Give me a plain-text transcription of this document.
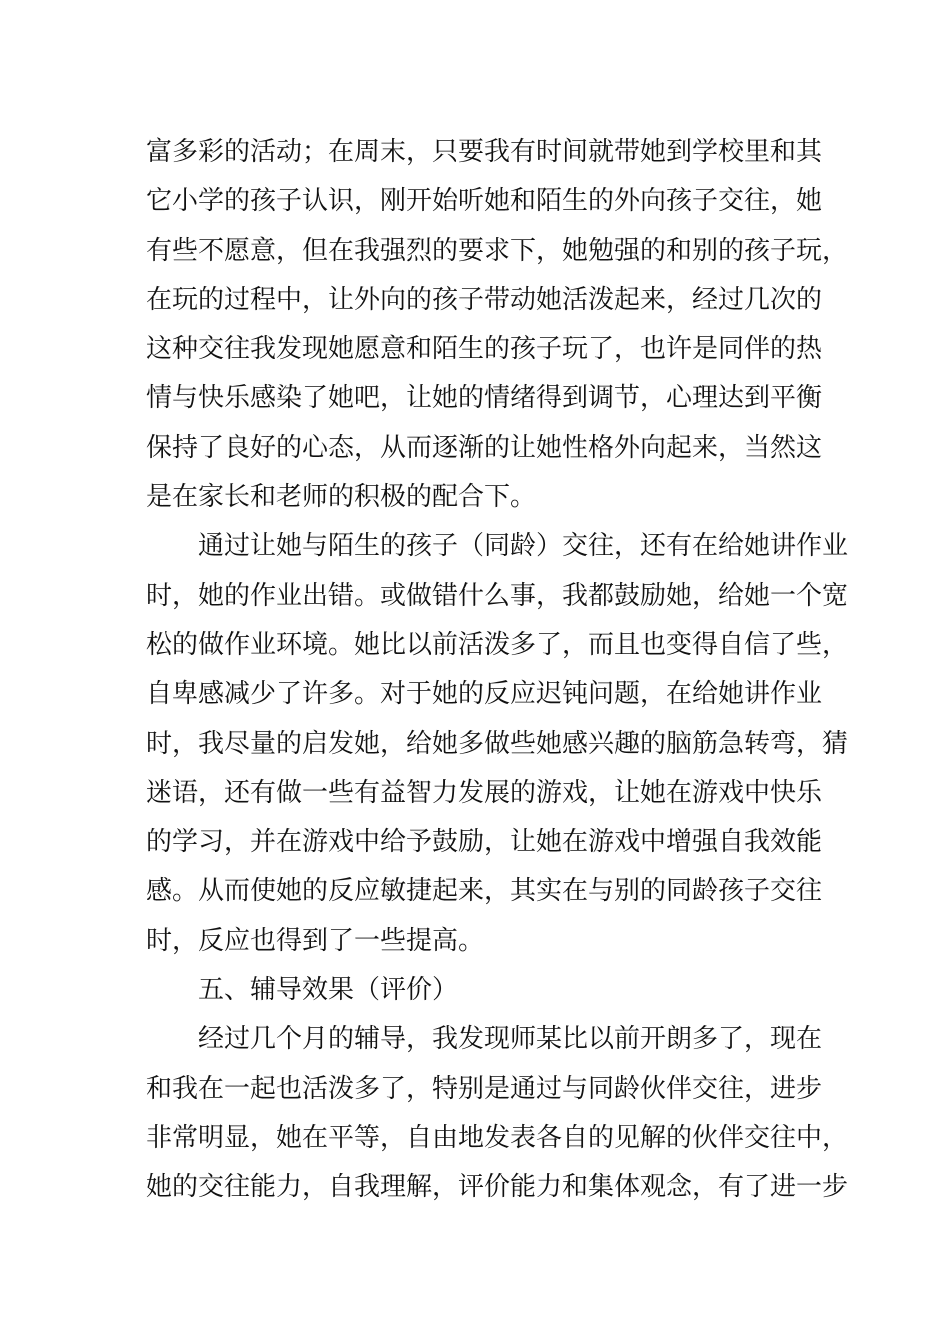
富多彩的活动；在周末，只要我有时间就带她到学校里和其
它小学的孩子认识，刚开始听她和陌生的外向孩子交往，她
有些不愿意，但在我强烈的要求下，她勉强的和别的孩子玩，
在玩的过程中，让外向的孩子带动她活泼起来，经过几次的
这种交往我发现她愿意和陌生的孩子玩了，也许是同伴的热
情与快乐感染了她吧，让她的情绪得到调节，心理达到平衡
保持了良好的心态，从而逐渐的让她性格外向起来，当然这
是在家长和老师的积极的配合下。
通过让她与陌生的孩子（同龄）交往，还有在给她讲作业
时，她的作业出错。或做错什么事，我都鼓励她，给她一个宽
松的做作业环境。她比以前活泼多了，而且也变得自信了些，
自卑感减少了许多。对于她的反应迟钝问题，在给她讲作业
时，我尽量的启发她，给她多做些她感兴趣的脑筋急转弯，猜
迷语，还有做一些有益智力发展的游戏，让她在游戏中快乐
的学习，并在游戏中给予鼓励，让她在游戏中增强自我效能
感。从而使她的反应敏捷起来，其实在与别的同龄孩子交往
时，反应也得到了一些提高。
五、辅导效果（评价）
经过几个月的辅导，我发现师某比以前开朗多了，现在
和我在一起也活泼多了，特别是通过与同龄伙伴交往，进步
非常明显，她在平等，自由地发表各自的见解的伙伴交往中，
她的交往能力，自我理解，评价能力和集体观念，有了进一步
